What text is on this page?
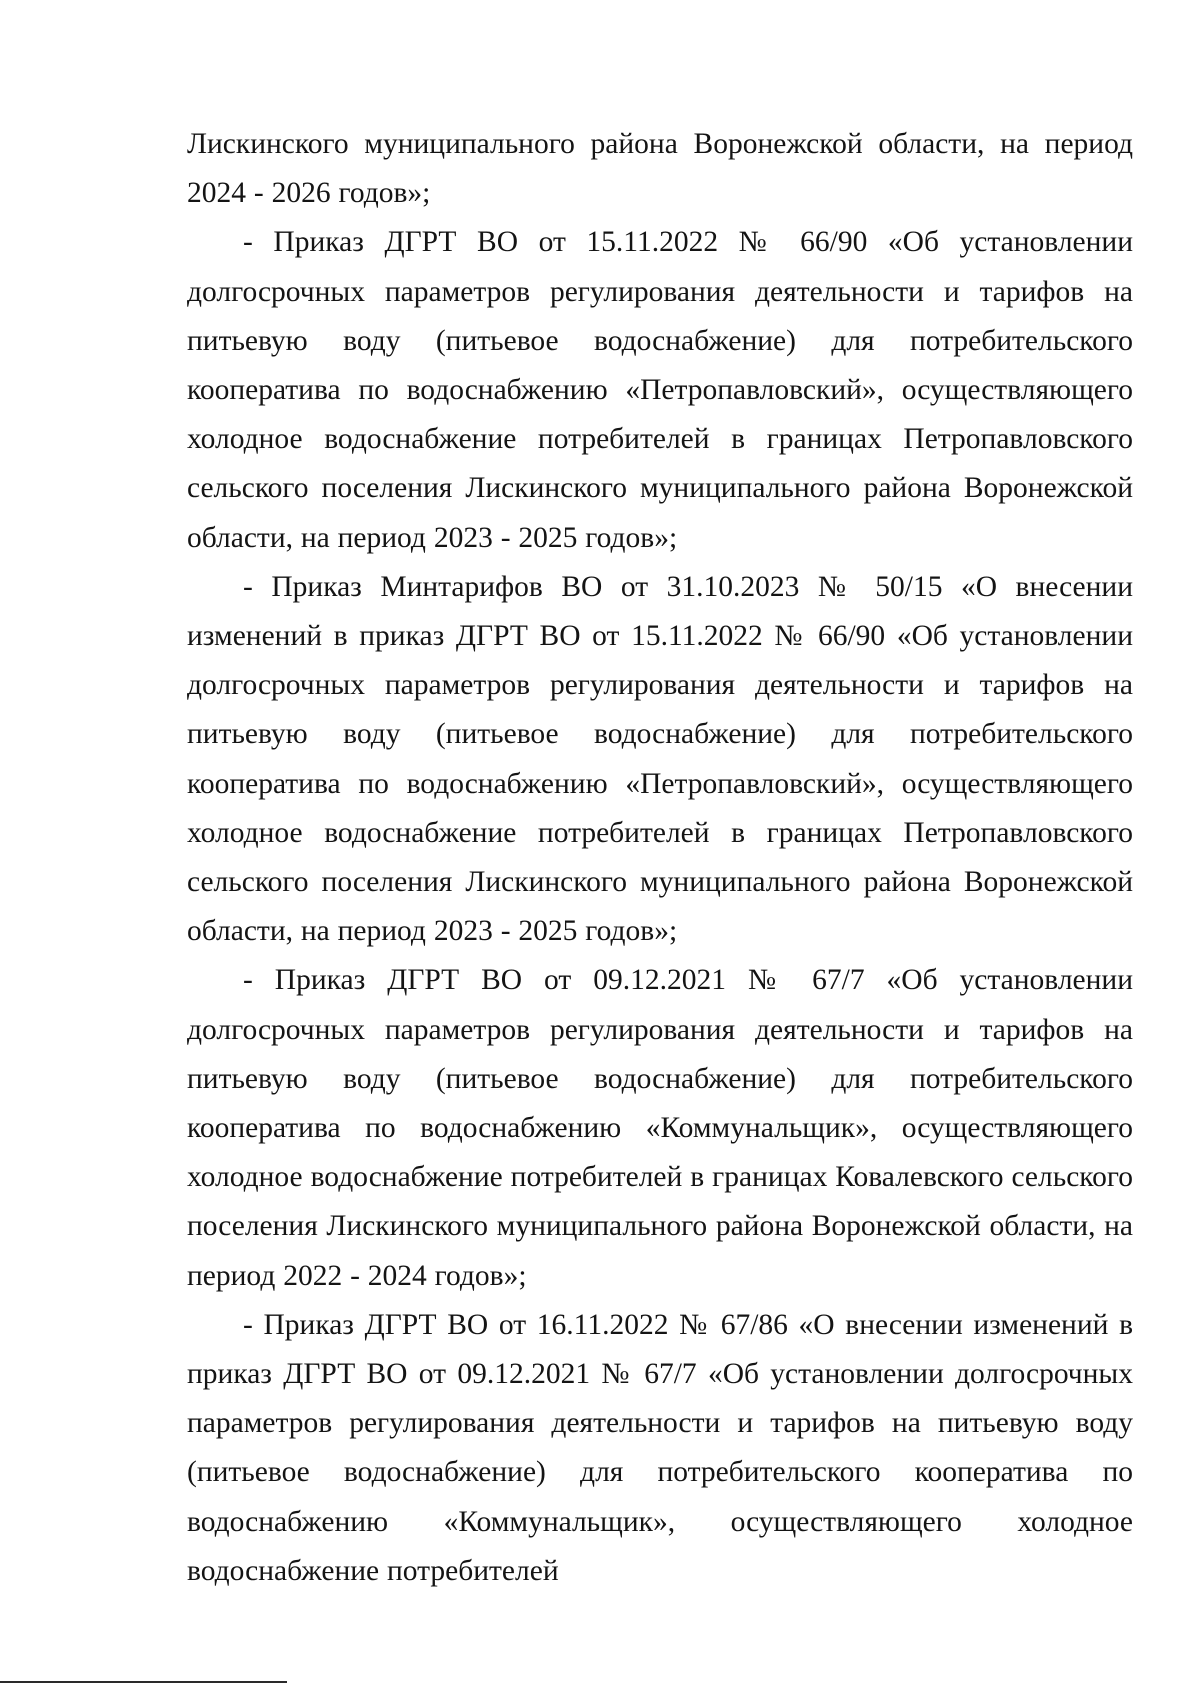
Лискинского муниципального района Воронежской области, на период 2024 - 2026 годов»;

- Приказ ДГРТ ВО от 15.11.2022 № 66/90 «Об установлении долгосрочных параметров регулирования деятельности и тарифов на питьевую воду (питьевое водоснабжение) для потребительского кооператива по водоснабжению «Петропавловский», осуществляющего холодное водоснабжение потребителей в границах Петропавловского сельского поселения Лискинского муниципального района Воронежской области, на период 2023 - 2025 годов»;

- Приказ Минтарифов ВО от 31.10.2023 № 50/15 «О внесении изменений в приказ ДГРТ ВО от 15.11.2022 № 66/90 «Об установлении долгосрочных параметров регулирования деятельности и тарифов на питьевую воду (питьевое водоснабжение) для потребительского кооператива по водоснабжению «Петропавловский», осуществляющего холодное водоснабжение потребителей в границах Петропавловского сельского поселения Лискинского муниципального района Воронежской области, на период 2023 - 2025 годов»;

- Приказ ДГРТ ВО от 09.12.2021 № 67/7 «Об установлении долгосрочных параметров регулирования деятельности и тарифов на питьевую воду (питьевое водоснабжение) для потребительского кооператива по водоснабжению «Коммунальщик», осуществляющего холодное водоснабжение потребителей в границах Ковалевского сельского поселения Лискинского муниципального района Воронежской области, на период 2022 - 2024 годов»;

- Приказ ДГРТ ВО от 16.11.2022 № 67/86 «О внесении изменений в приказ ДГРТ ВО от 09.12.2021 № 67/7 «Об установлении долгосрочных параметров регулирования деятельности и тарифов на питьевую воду (питьевое водоснабжение) для потребительского кооператива по водоснабжению «Коммунальщик», осуществляющего холодное водоснабжение потребителей
